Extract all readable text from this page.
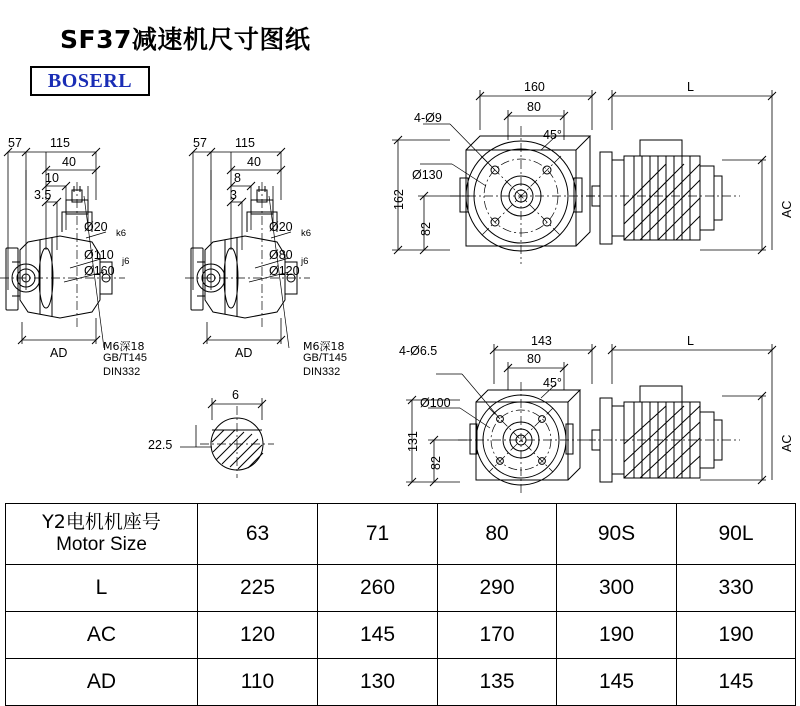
SF37减速机尺寸图纸
BOSERL
57 115
40
10
3.5
Ø20 k6
Ø110 j6
Ø160
AD	M6深18
GB/T145
DIN332
57 115
40
8
3
Ø20 k6
Ø80 j6
Ø120
AD	M6深18
GB/T145
DIN332
6
22.5
160
80
L
4-Ø9
45°
Ø130
162
82
AC
143
80
L
4-Ø6.5
45°
Ø100
131
82
AC
Y2电机机座号
Motor Size	63	71	80	90S	90L
L	225	260	290	300	330
AC	120	145	170	190	190
AD	110	130	135	145	145
